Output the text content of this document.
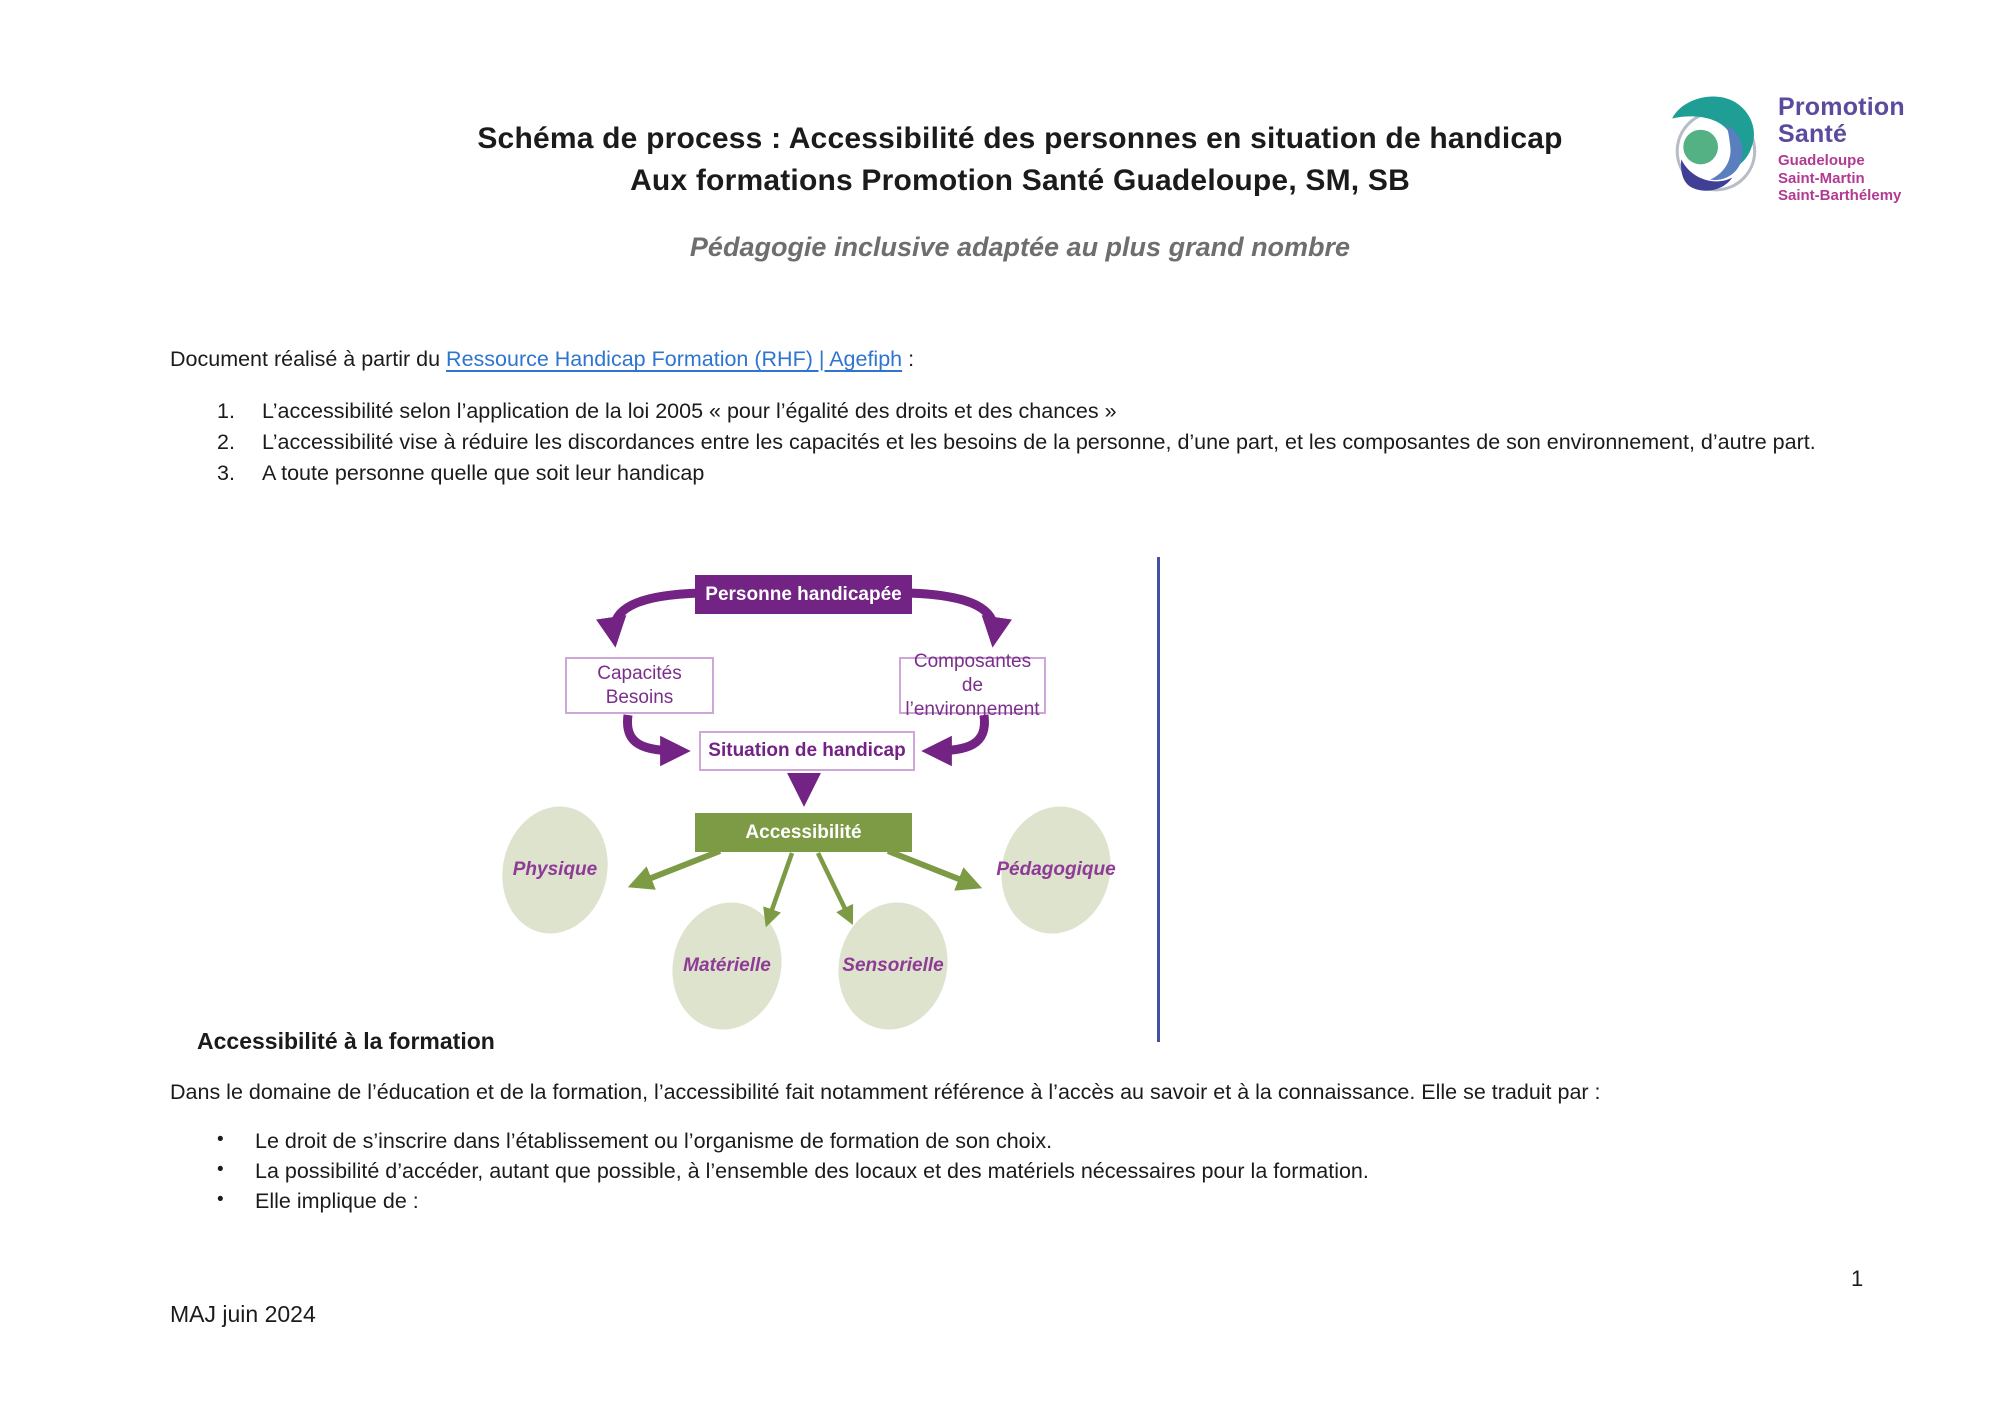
Schéma de process : Accessibilité des personnes en situation de handicap
Aux formations Promotion Santé Guadeloupe, SM, SB
Pédagogie inclusive adaptée au plus grand nombre
Promotion
Santé
Guadeloupe
Saint-Martin
Saint-Barthélemy
Document réalisé à partir du Ressource Handicap Formation (RHF) | Agefiph :
1.	L’accessibilité selon l’application de la loi 2005 « pour l’égalité des droits et des chances »
2.	L’accessibilité vise à réduire les discordances entre les capacités et les besoins de la personne, d’une part, et les composantes de son environnement, d’autre part.
3.	A toute personne quelle que soit leur handicap
Personne handicapée
Capacités
Besoins
Composantes de
l’environnement
Situation de handicap
Accessibilité
Physique
Matérielle	Sensorielle
Pédagogique
Accessibilité à la formation
Dans le domaine de l’éducation et de la formation, l’accessibilité fait notamment référence à l’accès au savoir et à la connaissance. Elle se traduit par :
•	Le droit de s’inscrire dans l’établissement ou l’organisme de formation de son choix.
•	La possibilité d’accéder, autant que possible, à l’ensemble des locaux et des matériels nécessaires pour la formation.
•	Elle implique de :
MAJ juin 2024
1
